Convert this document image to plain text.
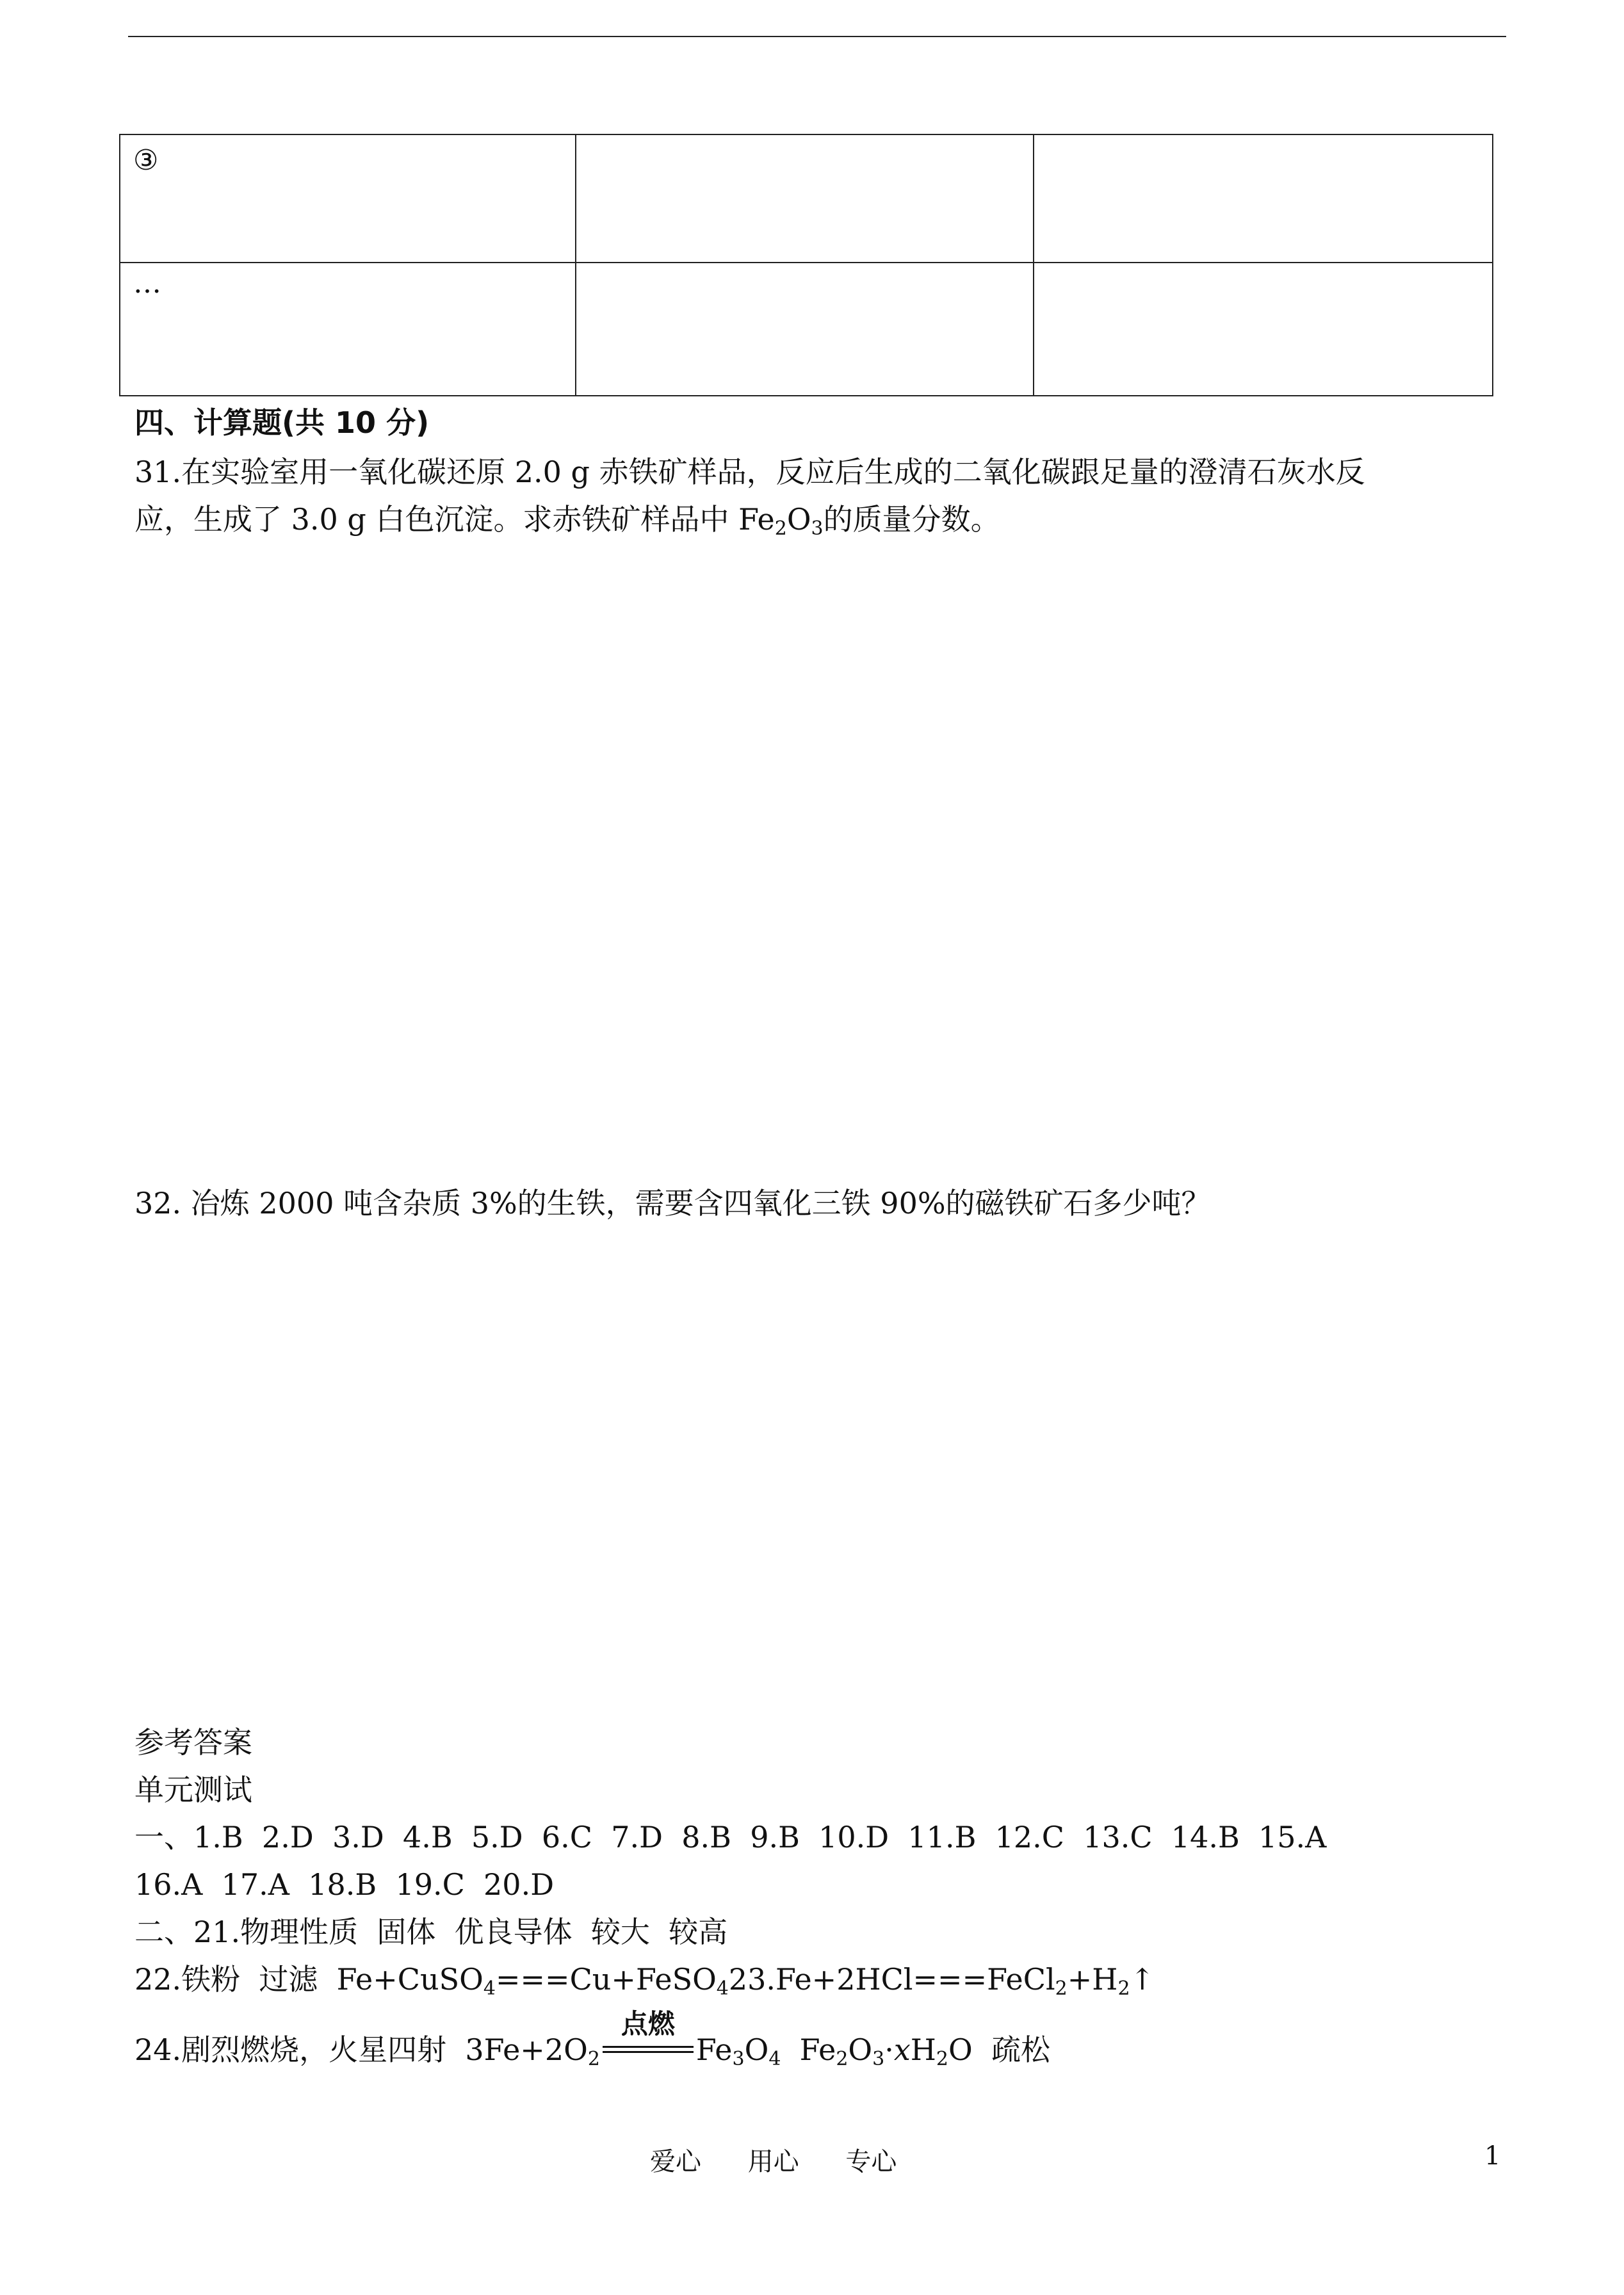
③
…
四、计算题(共 10 分)
31.在实验室用一氧化碳还原 2.0 g 赤铁矿样品，反应后生成的二氧化碳跟足量的澄清石灰水反
应，生成了 3.0 g 白色沉淀。求赤铁矿样品中 $Fe_2O_3$的质量分数。
32. 冶炼 2000 吨含杂质 3%的生铁，需要含四氧化三铁 90%的磁铁矿石多少吨？
参考答案
单元测试
一、1.B  2.D  3.D  4.B  5.D  6.C  7.D  8.B  9.B  10.D  11.B  12.C  13.C  14.B  15.A
16.A  17.A  18.B  19.C  20.D
二、21.物理性质  固体  优良导体  较大  较高
22.铁粉  过滤  $Fe+CuSO_4===Cu+FeSO_423.Fe+2HCl===FeCl_2+H_2↑$
24.剧烈燃烧，火星四射  $3Fe+2O_2$
点燃
$Fe_3O_4$  $Fe_2O_3\cdot xH_2O$  疏松
爱心 用心 专心	1
